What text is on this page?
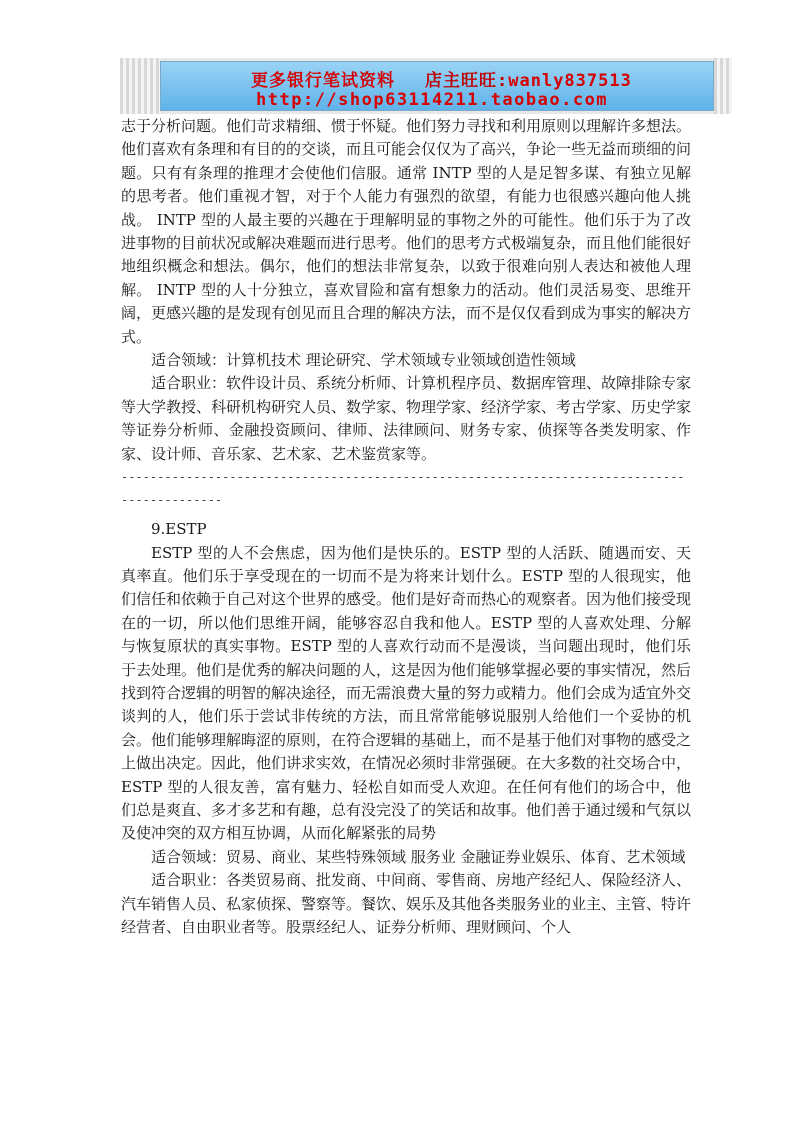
更多银行笔试资料 店主旺旺:wanly837513
http://shop63114211.taobao.com

志于分析问题。他们苛求精细、惯于怀疑。他们努力寻找和利用原则以理解许多想法。他们喜欢有条理和有目的的交谈，而且可能会仅仅为了高兴，争论一些无益而琐细的问题。只有有条理的推理才会使他们信服。通常 INTP 型的人是足智多谋、有独立见解的思考者。他们重视才智，对于个人能力有强烈的欲望，有能力也很感兴趣向他人挑战。 INTP 型的人最主要的兴趣在于理解明显的事物之外的可能性。他们乐于为了改进事物的目前状况或解决难题而进行思考。他们的思考方式极端复杂，而且他们能很好地组织概念和想法。偶尔，他们的想法非常复杂，以致于很难向别人表达和被他人理解。 INTP 型的人十分独立，喜欢冒险和富有想象力的活动。他们灵活易变、思维开阔，更感兴趣的是发现有创见而且合理的解决方法，而不是仅仅看到成为事实的解决方式。

适合领域：计算机技术 理论研究、学术领域专业领域创造性领域

适合职业：软件设计员、系统分析师、计算机程序员、数据库管理、故障排除专家等大学教授、科研机构研究人员、数学家、物理学家、经济学家、考古学家、历史学家等证券分析师、金融投资顾问、律师、法律顾问、财务专家、侦探等各类发明家、作家、设计师、音乐家、艺术家、艺术鉴赏家等。

--------------------------------------------------------------------------------------------

9.ESTP

ESTP 型的人不会焦虑，因为他们是快乐的。ESTP 型的人活跃、随遇而安、天真率直。他们乐于享受现在的一切而不是为将来计划什么。ESTP 型的人很现实，他们信任和依赖于自己对这个世界的感受。他们是好奇而热心的观察者。因为他们接受现在的一切，所以他们思维开阔，能够容忍自我和他人。ESTP 型的人喜欢处理、分解与恢复原状的真实事物。ESTP 型的人喜欢行动而不是漫谈，当问题出现时，他们乐于去处理。他们是优秀的解决问题的人，这是因为他们能够掌握必要的事实情况，然后找到符合逻辑的明智的解决途径，而无需浪费大量的努力或精力。他们会成为适宜外交谈判的人，他们乐于尝试非传统的方法，而且常常能够说服别人给他们一个妥协的机会。他们能够理解晦涩的原则，在符合逻辑的基础上，而不是基于他们对事物的感受之上做出决定。因此，他们讲求实效，在情况必须时非常强硬。在大多数的社交场合中，ESTP 型的人很友善，富有魅力、轻松自如而受人欢迎。在任何有他们的场合中，他们总是爽直、多才多艺和有趣，总有没完没了的笑话和故事。他们善于通过缓和气氛以及使冲突的双方相互协调，从而化解紧张的局势

适合领域：贸易、商业、某些特殊领域 服务业 金融证券业娱乐、体育、艺术领域

适合职业：各类贸易商、批发商、中间商、零售商、房地产经纪人、保险经济人、汽车销售人员、私家侦探、警察等。餐饮、娱乐及其他各类服务业的业主、主管、特许经营者、自由职业者等。股票经纪人、证券分析师、理财顾问、个人
